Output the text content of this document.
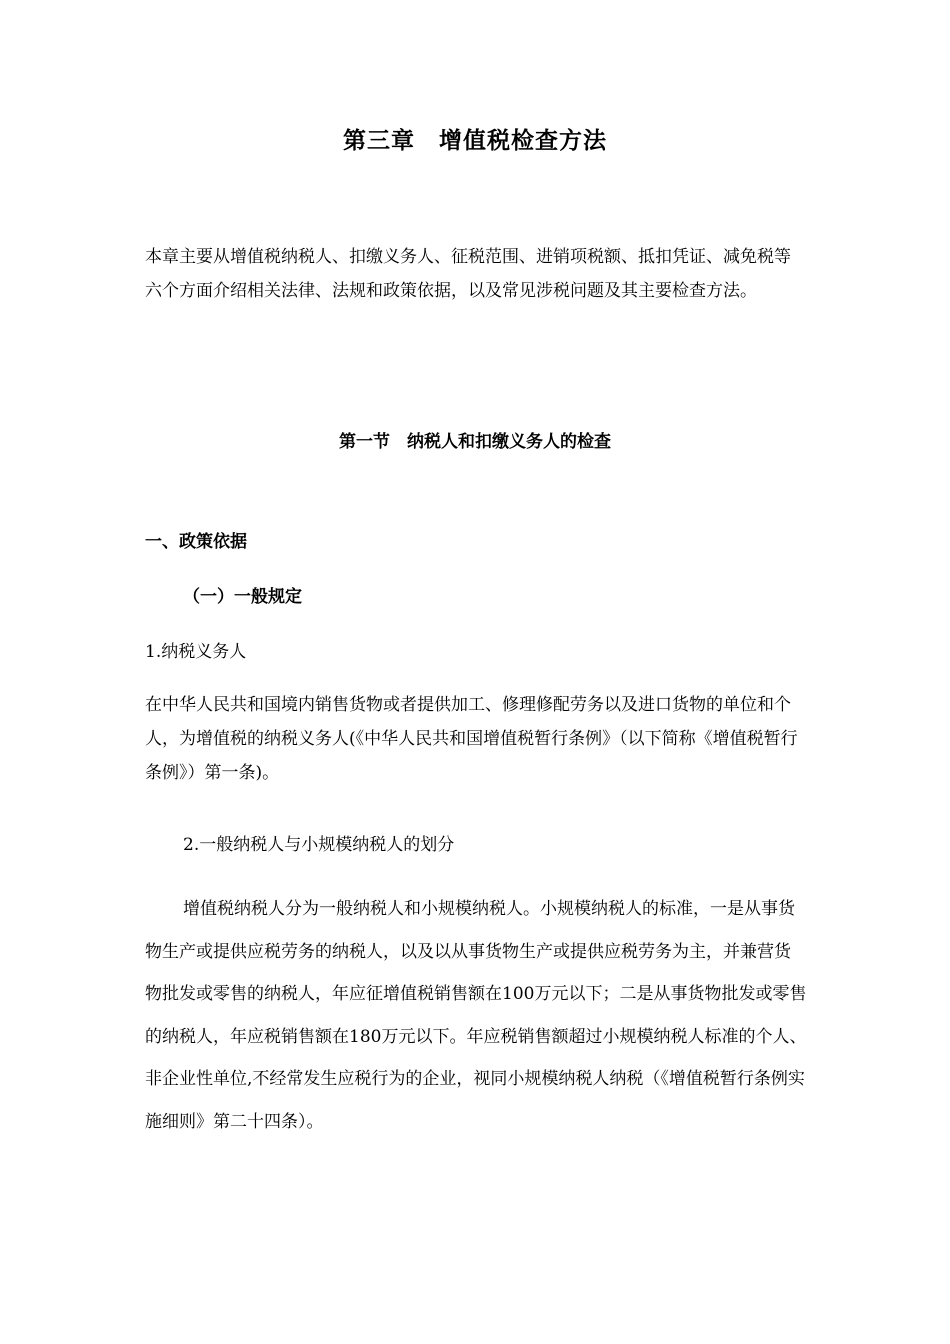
第三章　增值税检查方法

本章主要从增值税纳税人、扣缴义务人、征税范围、进销项税额、抵扣凭证、减免税等六个方面介绍相关法律、法规和政策依据，以及常见涉税问题及其主要检查方法。

第一节　纳税人和扣缴义务人的检查

一、政策依据

（一）一般规定

1.纳税义务人

在中华人民共和国境内销售货物或者提供加工、修理修配劳务以及进口货物的单位和个人，为增值税的纳税义务人(《中华人民共和国增值税暂行条例》（以下简称《增值税暂行条例》）第一条)。

2.一般纳税人与小规模纳税人的划分

增值税纳税人分为一般纳税人和小规模纳税人。小规模纳税人的标准，一是从事货物生产或提供应税劳务的纳税人，以及以从事货物生产或提供应税劳务为主，并兼营货物批发或零售的纳税人，年应征增值税销售额在100万元以下；二是从事货物批发或零售的纳税人，年应税销售额在180万元以下。年应税销售额超过小规模纳税人标准的个人、非企业性单位,不经常发生应税行为的企业，视同小规模纳税人纳税（《增值税暂行条例实施细则》第二十四条）。
